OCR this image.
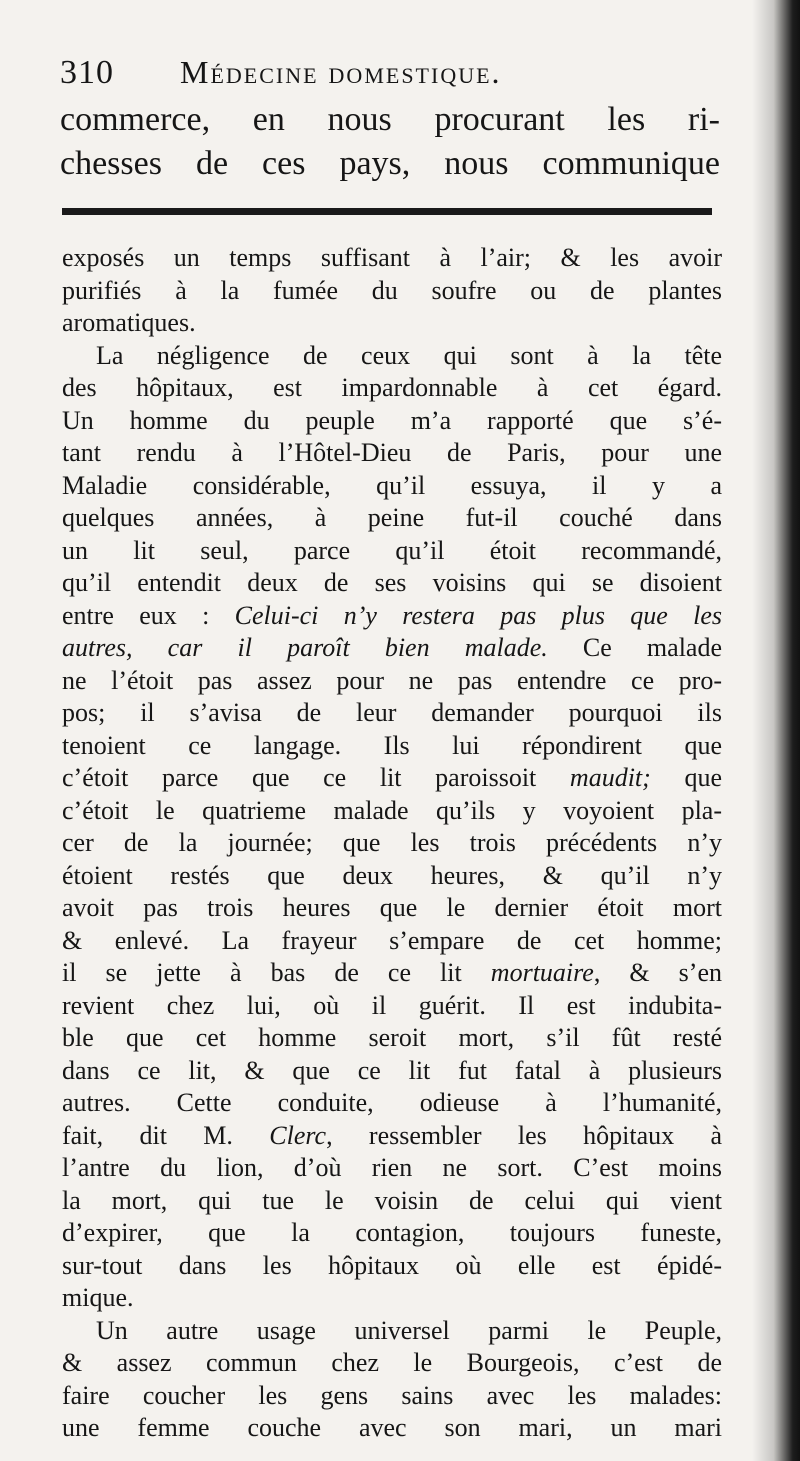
310 Médecine domestique.
commerce, en nous procurant les ri-
chesses de ces pays, nous communique
exposés un temps suffisant à l’air; & les avoir
purifiés à la fumée du soufre ou de plantes
aromatiques.
La négligence de ceux qui sont à la tête
des hôpitaux, est impardonnable à cet égard.
Un homme du peuple m’a rapporté que s’é-
tant rendu à l’Hôtel-Dieu de Paris, pour une
Maladie considérable, qu’il essuya, il y a
quelques années, à peine fut-il couché dans
un lit seul, parce qu’il étoit recommandé,
qu’il entendit deux de ses voisins qui se disoient
entre eux : Celui-ci n’y restera pas plus que les
autres, car il paroît bien malade. Ce malade
ne l’étoit pas assez pour ne pas entendre ce pro-
pos; il s’avisa de leur demander pourquoi ils
tenoient ce langage. Ils lui répondirent que
c’étoit parce que ce lit paroissoit maudit; que
c’étoit le quatrieme malade qu’ils y voyoient pla-
cer de la journée; que les trois précédents n’y
étoient restés que deux heures, & qu’il n’y
avoit pas trois heures que le dernier étoit mort
& enlevé. La frayeur s’empare de cet homme;
il se jette à bas de ce lit mortuaire, & s’en
revient chez lui, où il guérit. Il est indubita-
ble que cet homme seroit mort, s’il fût resté
dans ce lit, & que ce lit fut fatal à plusieurs
autres. Cette conduite, odieuse à l’humanité,
fait, dit M. Clerc, ressembler les hôpitaux à
l’antre du lion, d’où rien ne sort. C’est moins
la mort, qui tue le voisin de celui qui vient
d’expirer, que la contagion, toujours funeste,
sur-tout dans les hôpitaux où elle est épidé-
mique.
Un autre usage universel parmi le Peuple,
& assez commun chez le Bourgeois, c’est de
faire coucher les gens sains avec les malades:
une femme couche avec son mari, un mari
